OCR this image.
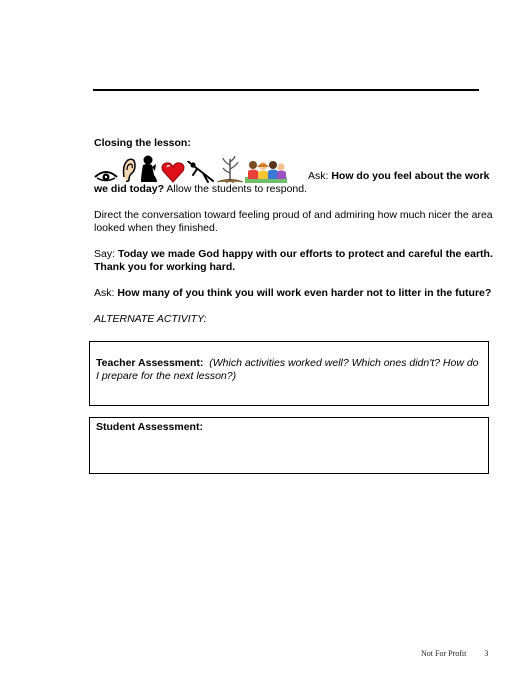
Closing the lesson:

Ask: How do you feel about the work

we did today? Allow the students to respond.

Direct the conversation toward feeling proud of and admiring how much nicer the area looked when they finished.

Say: Today we made God happy with our efforts to protect and careful the earth. Thank you for working hard.

Ask: How many of you think you will work even harder not to litter in the future?

ALTERNATE ACTIVITY:

Teacher Assessment: (Which activities worked well? Which ones didn't? How do I prepare for the next lesson?)
Student Assessment:
Not For Profit 3
